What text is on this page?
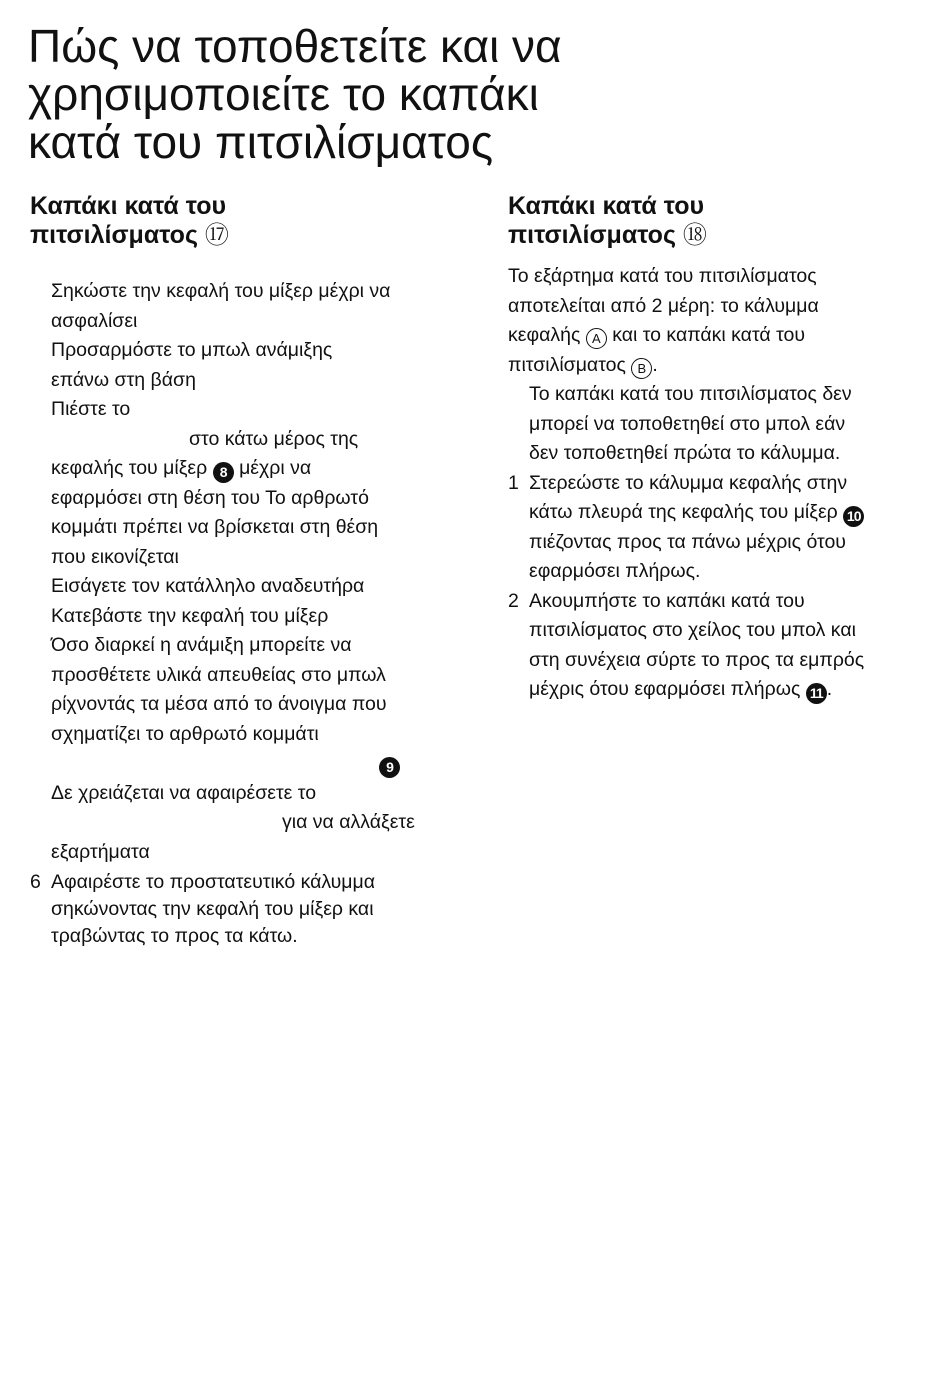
Πώς να τοποθετείτε και να
χρησιμοποιείτε το καπάκι
κατά του πιτσιλίσματος
Καπάκι κατά του
πιτσιλίσματος ⑰
Σηκώστε την κεφαλή του μίξερ μέχρι να
ασφαλίσει
Προσαρμόστε το μπωλ ανάμιξης
επάνω στη βάση
Πιέστε το
στο κάτω μέρος της
κεφαλής του μίξερ 8 μέχρι να
εφαρμόσει στη θέση του Το αρθρωτό
κομμάτι πρέπει να βρίσκεται στη θέση
που εικονίζεται
Εισάγετε τον κατάλληλο αναδευτήρα
Κατεβάστε την κεφαλή του μίξερ
Όσο διαρκεί η ανάμιξη μπορείτε να
προσθέτετε υλικά απευθείας στο μπωλ
ρίχνοντάς τα μέσα από το άνοιγμα που
σχηματίζει το αρθρωτό κομμάτι
9
Δε χρειάζεται να αφαιρέσετε το
για να αλλάξετε
εξαρτήματα
6 Αφαιρέστε το προστατευτικό κάλυμμα
σηκώνοντας την κεφαλή του μίξερ και
τραβώντας το προς τα κάτω.
Καπάκι κατά του
πιτσιλίσματος ⑱
Το εξάρτημα κατά του πιτσιλίσματος
αποτελείται από 2 μέρη: το κάλυμμα
κεφαλής A και το καπάκι κατά του
πιτσιλίσματος B .
Το καπάκι κατά του πιτσιλίσματος δεν
μπορεί να τοποθετηθεί στο μπολ εάν
δεν τοποθετηθεί πρώτα το κάλυμμα.
1 Στερεώστε το κάλυμμα κεφαλής στην
κάτω πλευρά της κεφαλής του μίξερ 10
πιέζοντας προς τα πάνω μέχρις ότου
εφαρμόσει πλήρως.
2 Ακουμπήστε το καπάκι κατά του
πιτσιλίσματος στο χείλος του μπολ και
στη συνέχεια σύρτε το προς τα εμπρός
μέχρις ότου εφαρμόσει πλήρως 11 .
